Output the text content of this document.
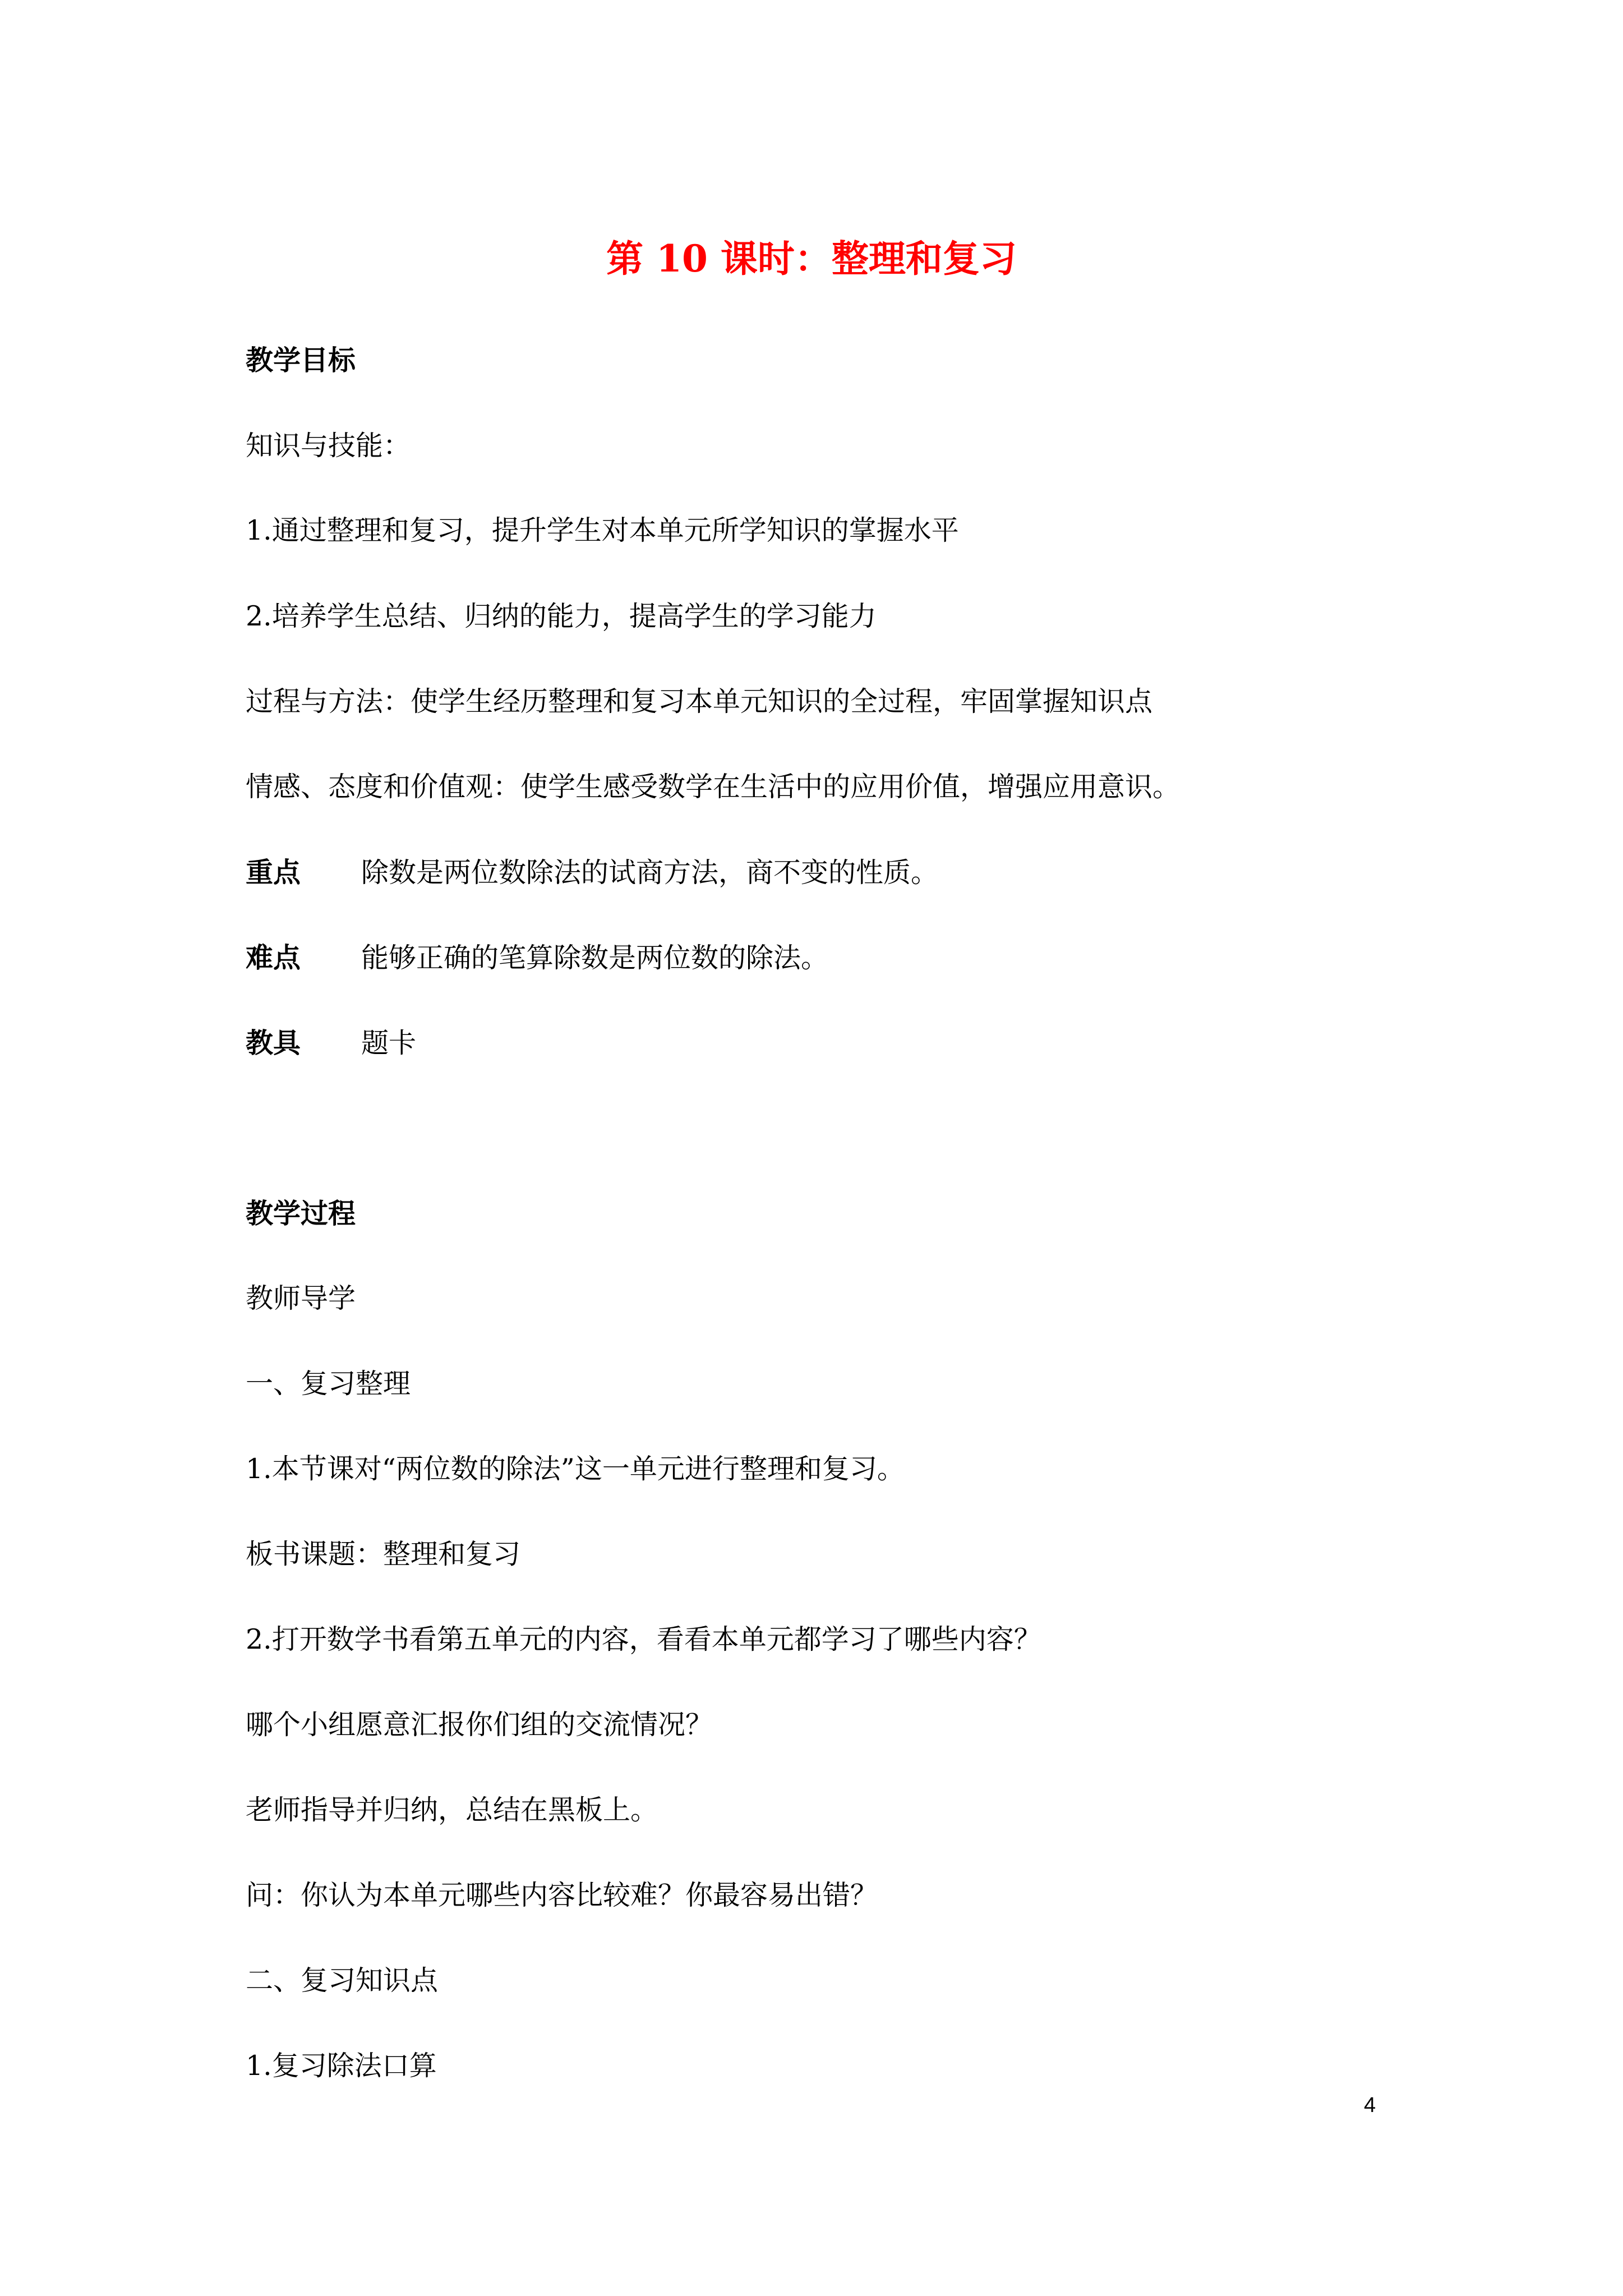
第 10 课时：整理和复习
教学目标
知识与技能：
1.通过整理和复习，提升学生对本单元所学知识的掌握水平
2.培养学生总结、归纳的能力，提高学生的学习能力
过程与方法：使学生经历整理和复习本单元知识的全过程，牢固掌握知识点
情感、态度和价值观：使学生感受数学在生活中的应用价值，增强应用意识。
重点 除数是两位数除法的试商方法，商不变的性质。
难点 能够正确的笔算除数是两位数的除法。
教具 题卡
教学过程
教师导学
一、复习整理
1.本节课对“两位数的除法”这一单元进行整理和复习。
板书课题：整理和复习
2.打开数学书看第五单元的内容，看看本单元都学习了哪些内容？
哪个小组愿意汇报你们组的交流情况？
老师指导并归纳，总结在黑板上。
问：你认为本单元哪些内容比较难？你最容易出错？
二、复习知识点
1.复习除法口算
4
